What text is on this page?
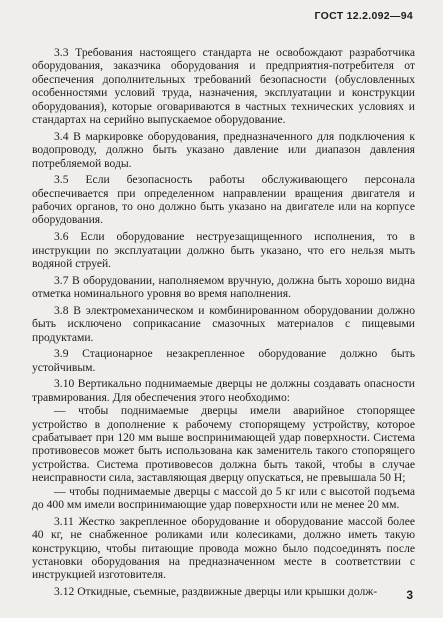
ГОСТ 12.2.092—94

3.3 Требования настоящего стандарта не освобождают разработчика оборудования, заказчика оборудования и предприятия-потребителя от обеспечения дополнительных требований безопасности (обусловленных особенностями условий труда, назначения, эксплуатации и конструкции оборудования), которые оговариваются в частных технических условиях и стандартах на серийно выпускаемое оборудование.

3.4 В маркировке оборудования, предназначенного для подключения к водопроводу, должно быть указано давление или диапазон давления потребляемой воды.

3.5 Если безопасность работы обслуживающего персонала обеспечивается при определенном направлении вращения двигателя и рабочих органов, то оно должно быть указано на двигателе или на корпусе оборудования.

3.6 Если оборудование неструезащищенного исполнения, то в инструкции по эксплуатации должно быть указано, что его нельзя мыть водяной струей.

3.7 В оборудовании, наполняемом вручную, должна быть хорошо видна отметка номинального уровня во время наполнения.

3.8 В электромеханическом и комбинированном оборудовании должно быть исключено соприкасание смазочных материалов с пищевыми продуктами.

3.9 Стационарное незакрепленное оборудование должно быть устойчивым.

3.10 Вертикально поднимаемые дверцы не должны создавать опасности травмирования. Для обеспечения этого необходимо:

— чтобы поднимаемые дверцы имели аварийное стопорящее устройство в дополнение к рабочему стопорящему устройству, которое срабатывает при 120 мм выше воспринимающей удар поверхности. Система противовесов может быть использована как заменитель такого стопорящего устройства. Система противовесов должна быть такой, чтобы в случае неисправности сила, заставляющая дверцу опускаться, не превышала 50 Н;

— чтобы поднимаемые дверцы с массой до 5 кг или с высотой подъема до 400 мм имели воспринимающие удар поверхности или не менее 20 мм.

3.11 Жестко закрепленное оборудование и оборудование массой более 40 кг, не снабженное роликами или колесиками, должно иметь такую конструкцию, чтобы питающие провода можно было подсоединять после установки оборудования на предназначенном месте в соответствии с инструкцией изготовителя.

3.12 Откидные, съемные, раздвижные дверцы или крышки долж-	3
